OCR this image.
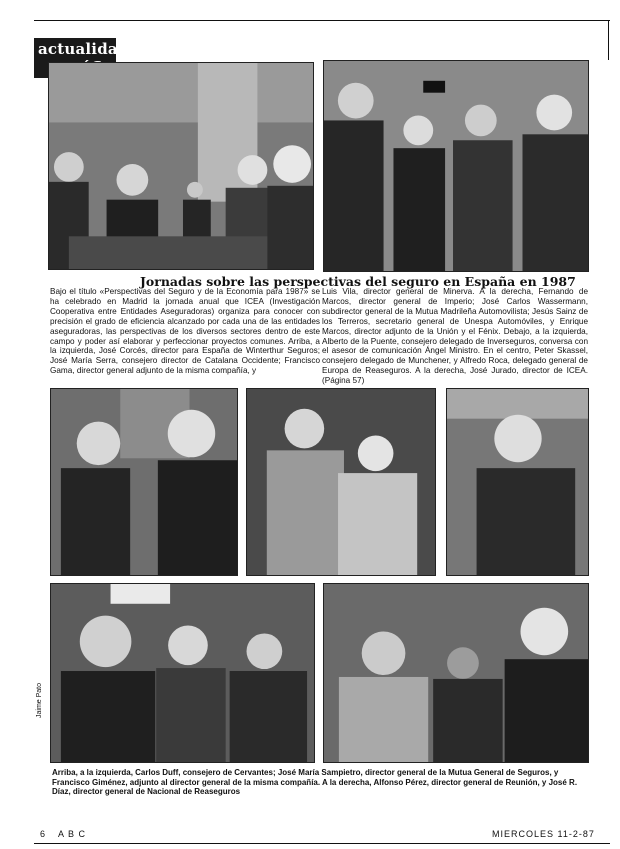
actualidad
Jornadas sobre las perspectivas del seguro en España en 1987
Bajo el título «Perspectivas del Seguro y de la Economía para 1987» se ha celebrado en Madrid la jornada anual que ICEA (Investigación Cooperativa entre Entidades Aseguradoras) organiza para conocer con precisión el grado de eficiencia alcanzado por cada una de las entidades aseguradoras, las perspectivas de los diversos sectores dentro de este campo y poder así elaborar y perfeccionar proyectos comunes. Arriba, a la izquierda, José Corcés, director para España de Winterthur Seguros; José María Serra, consejero director de Catalana Occidente; Francisco Gama, director general adjunto de la misma compañía, y
Luis Vila, director general de Minerva. A la derecha, Fernando de Marcos, director general de Imperio; José Carlos Wassermann, subdirector general de la Mutua Madrileña Automovilista; Jesús Sainz de los Terreros, secretario general de Unespa Automóviles, y Enrique Marcos, director adjunto de la Unión y el Fénix. Debajo, a la izquierda, Alberto de la Puente, consejero delegado de Inverseguros, conversa con el asesor de comunicación Ángel Ministro. En el centro, Peter Skassel, consejero delegado de Munchener, y Alfredo Roca, delegado general de Europa de Reaseguros. A la derecha, José Jurado, director de ICEA. (Página 57)
Jaime Pato
Arriba, a la izquierda, Carlos Duff, consejero de Cervantes; José María Sampietro, director general de la Mutua General de Seguros, y Francisco Giménez, adjunto al director general de la misma compañía. A la derecha, Alfonso Pérez, director general de Reunión, y José R. Díaz, director general de Nacional de Reaseguros
6 A B C	MIERCOLES 11-2-87
